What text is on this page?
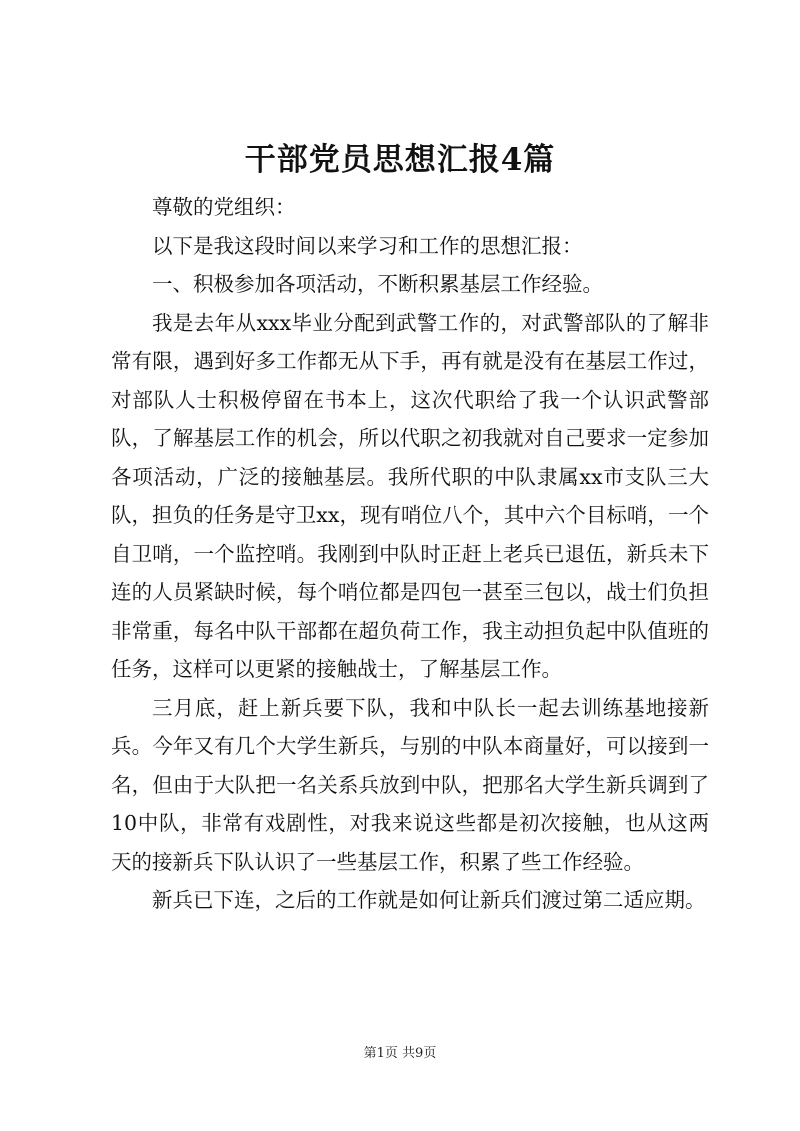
干部党员思想汇报4篇

尊敬的党组织：

以下是我这段时间以来学习和工作的思想汇报：

一、积极参加各项活动，不断积累基层工作经验。

我是去年从xxx毕业分配到武警工作的，对武警部队的了解非常有限，遇到好多工作都无从下手，再有就是没有在基层工作过，对部队人士积极停留在书本上，这次代职给了我一个认识武警部队，了解基层工作的机会，所以代职之初我就对自己要求一定参加各项活动，广泛的接触基层。我所代职的中队隶属xx市支队三大队，担负的任务是守卫xx，现有哨位八个，其中六个目标哨，一个自卫哨，一个监控哨。我刚到中队时正赶上老兵已退伍，新兵未下连的人员紧缺时候，每个哨位都是四包一甚至三包以，战士们负担非常重，每名中队干部都在超负荷工作，我主动担负起中队值班的任务，这样可以更紧的接触战士，了解基层工作。

三月底，赶上新兵要下队，我和中队长一起去训练基地接新兵。今年又有几个大学生新兵，与别的中队本商量好，可以接到一名，但由于大队把一名关系兵放到中队，把那名大学生新兵调到了10中队，非常有戏剧性，对我来说这些都是初次接触，也从这两天的接新兵下队认识了一些基层工作，积累了些工作经验。

新兵已下连，之后的工作就是如何让新兵们渡过第二适应期。

第1页 共9页
